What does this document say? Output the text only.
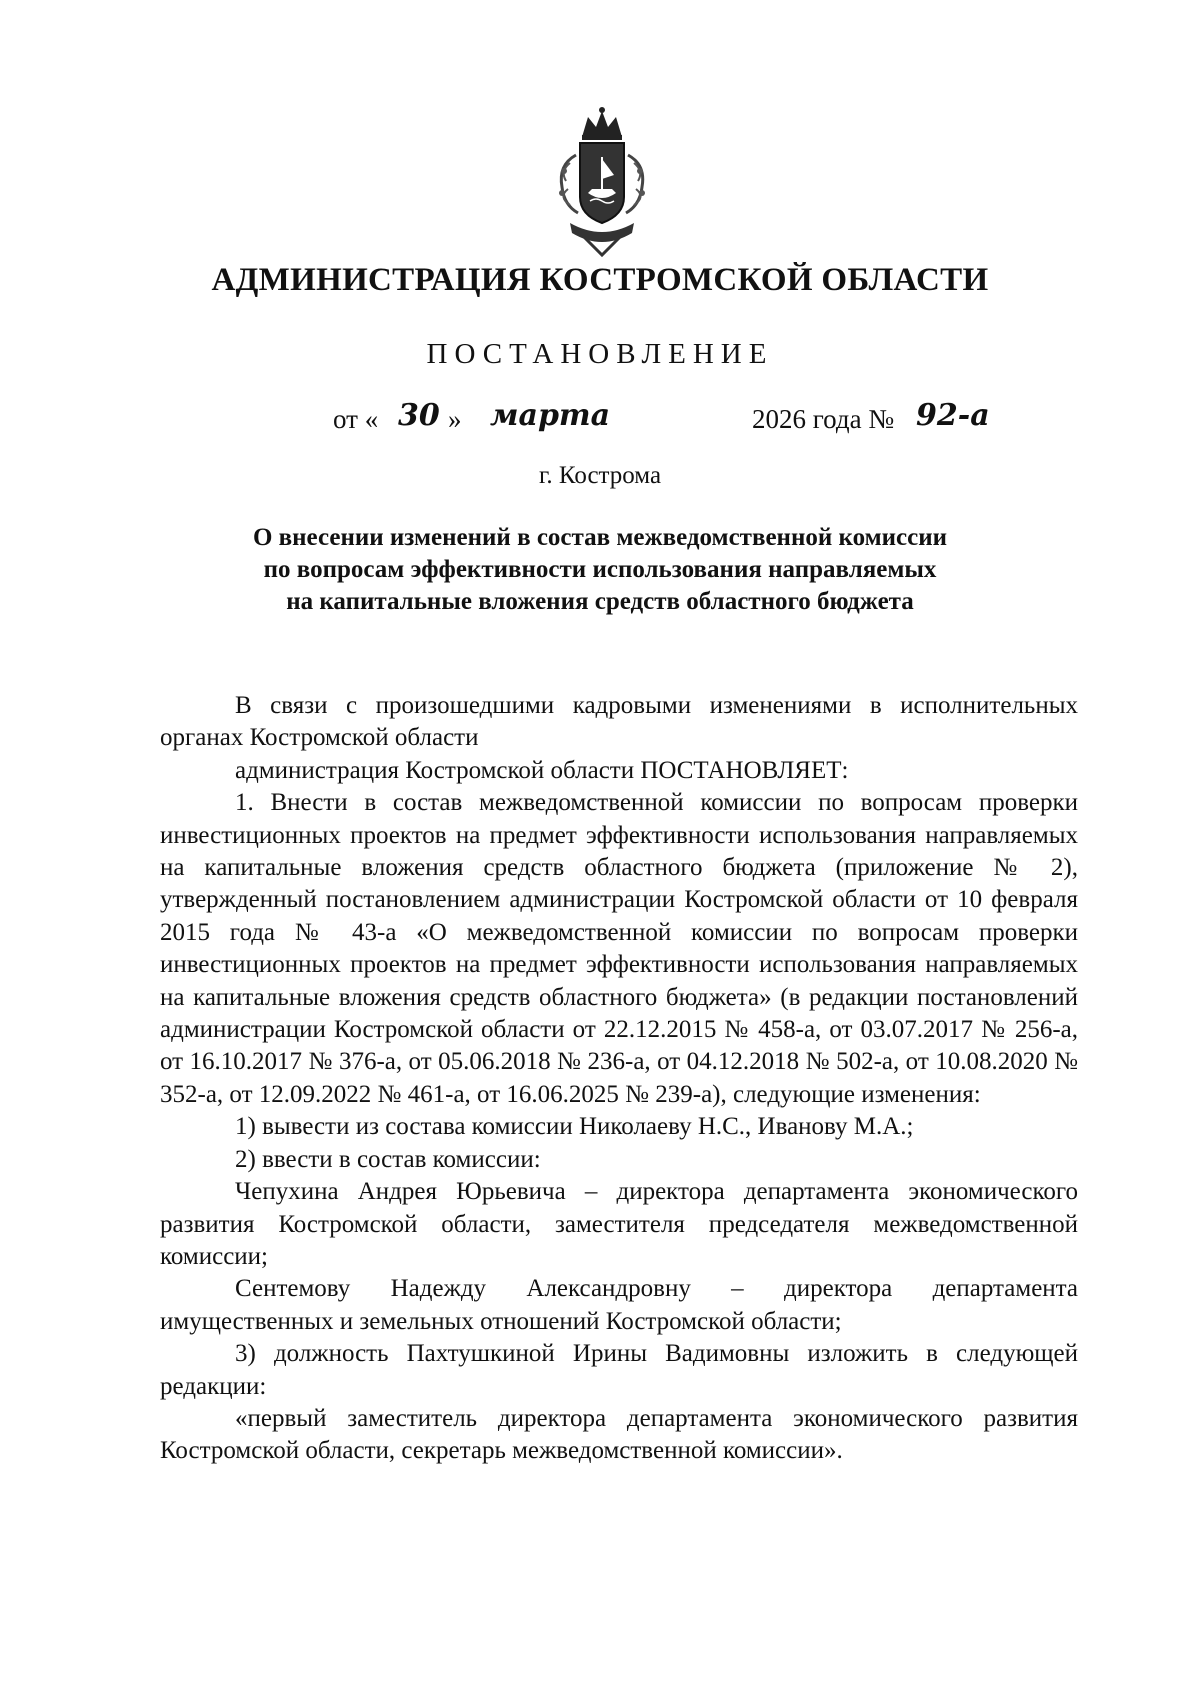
АДМИНИСТРАЦИЯ КОСТРОМСКОЙ ОБЛАСТИ
ПОСТАНОВЛЕНИЕ
от « 30 » марта	2026 года № 92-а
г. Кострома
О внесении изменений в состав межведомственной комиссии
по вопросам эффективности использования направляемых
на капитальные вложения средств областного бюджета

В связи с произошедшими кадровыми изменениями в исполнительных органах Костромской области

администрация Костромской области ПОСТАНОВЛЯЕТ:

1. Внести в состав межведомственной комиссии по вопросам проверки инвестиционных проектов на предмет эффективности использования направляемых на капитальные вложения средств областного бюджета (приложение № 2), утвержденный постановлением администрации Костромской области от 10 февраля 2015 года № 43-а «О межведомственной комиссии по вопросам проверки инвестиционных проектов на предмет эффективности использования направляемых на капитальные вложения средств областного бюджета» (в редакции постановлений администрации Костромской области от 22.12.2015 № 458-а, от 03.07.2017 № 256-а, от 16.10.2017 № 376-а, от 05.06.2018 № 236-а, от 04.12.2018 № 502-а, от 10.08.2020 № 352-а, от 12.09.2022 № 461-а, от 16.06.2025 № 239-а), следующие изменения:

1) вывести из состава комиссии Николаеву Н.С., Иванову М.А.;

2) ввести в состав комиссии:

Чепухина Андрея Юрьевича – директора департамента экономического развития Костромской области, заместителя председателя межведомственной комиссии;

Сентемову Надежду Александровну – директора департамента имущественных и земельных отношений Костромской области;

3) должность Пахтушкиной Ирины Вадимовны изложить в следующей редакции:

«первый заместитель директора департамента экономического развития Костромской области, секретарь межведомственной комиссии».
